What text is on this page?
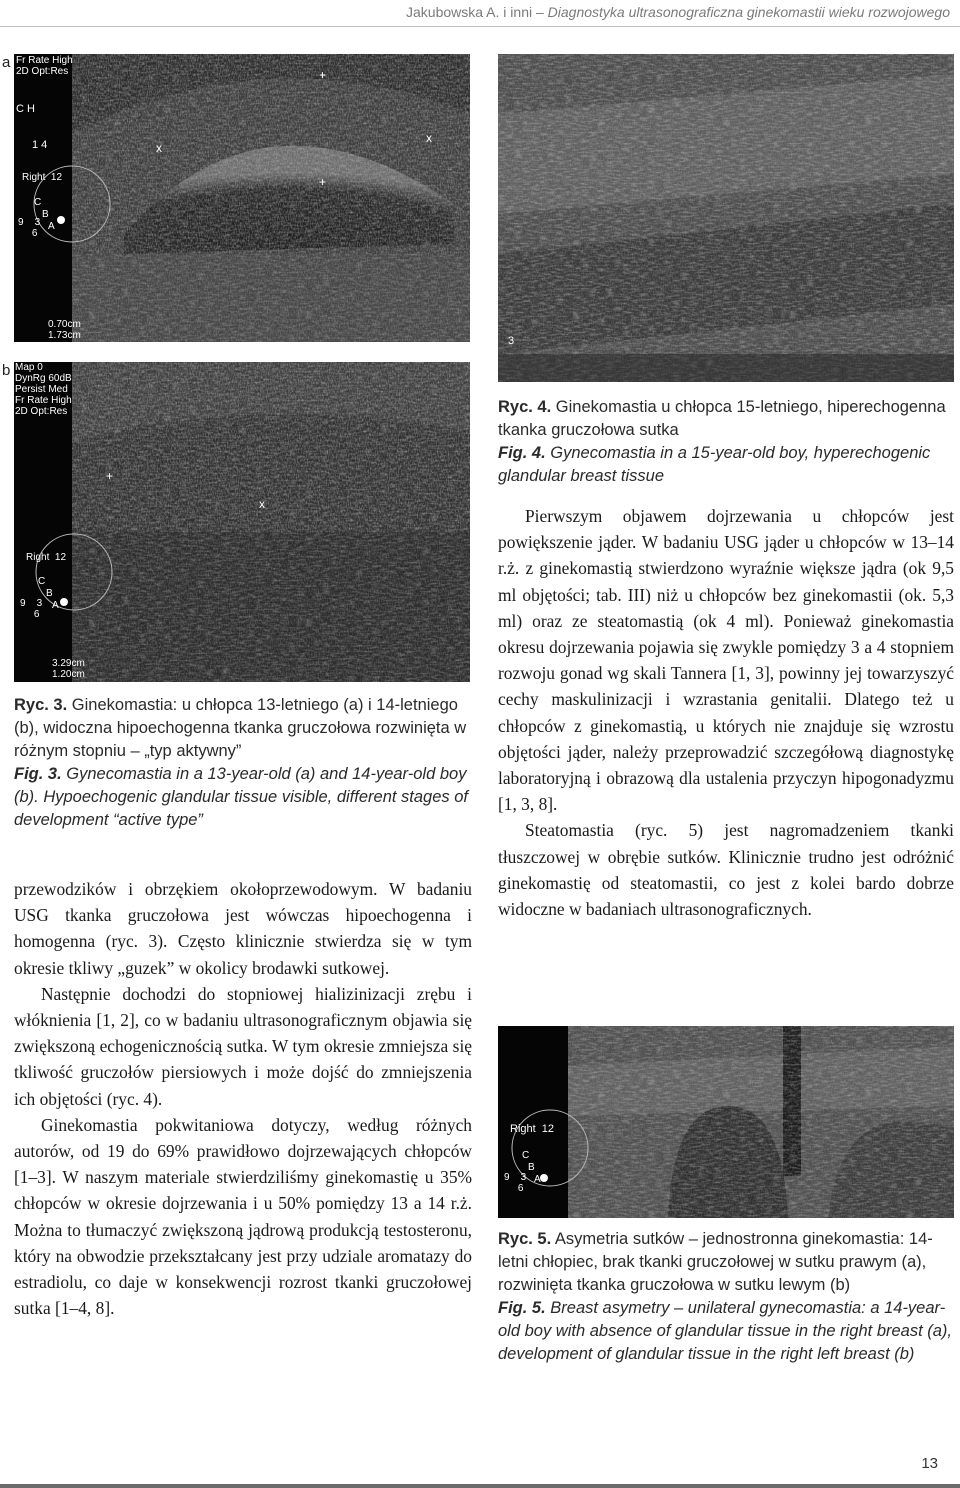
Jakubowska A. i inni – Diagnostyka ultrasonograficzna ginekomastii wieku rozwojowego
a
+
x
x
+
Fr Rate High
2D Opt:Res
C H
1 4
Right  12
C
B
A
9    3
6
0.70cm
1.73cm
b
+
x
Map 0
DynRg 60dB
Persist Med
Fr Rate High
2D Opt:Res
Right  12
C
B
A
9    3
6
3.29cm
1.20cm

Ryc. 3. Ginekomastia: u chłopca 13-letniego (a) i 14-letniego (b), widoczna hipoechogenna tkanka gruczołowa rozwinięta w różnym stopniu – „typ aktywny”

Fig. 3. Gynecomastia in a 13-year-old (a) and 14-year-old boy (b). Hypoechogenic glandular tissue visible, different stages of development “active type”

przewodzików i obrzękiem okołoprzewodowym. W badaniu USG tkanka gruczołowa jest wówczas hipoechogenna i homogenna (ryc. 3). Często klinicznie stwierdza się w tym okresie tkliwy „guzek” w okolicy brodawki sutkowej.

Następnie dochodzi do stopniowej hializinizacji zrębu i włóknienia [1, 2], co w badaniu ultrasonograficznym objawia się zwiększoną echogenicznością sutka. W tym okresie zmniejsza się tkliwość gruczołów piersiowych i może dojść do zmniejszenia ich objętości (ryc. 4).

Ginekomastia pokwitaniowa dotyczy, według różnych autorów, od 19 do 69% prawidłowo dojrzewających chłopców [1–3]. W naszym materiale stwierdziliśmy ginekomastię u 35% chłopców w okresie dojrzewania i u 50% pomiędzy 13 a 14 r.ż. Można to tłumaczyć zwiększoną jądrową produkcją testosteronu, który na obwodzie przekształcany jest przy udziale aromatazy do estradiolu, co daje w konsekwencji rozrost tkanki gruczołowej sutka [1–4, 8].

3

Ryc. 4. Ginekomastia u chłopca 15-letniego, hiperechogenna tkanka gruczołowa sutka

Fig. 4. Gynecomastia in a 15-year-old boy, hyperechogenic glandular breast tissue

Pierwszym objawem dojrzewania u chłopców jest powiększenie jąder. W badaniu USG jąder u chłopców w 13–14 r.ż. z ginekomastią stwierdzono wyraźnie większe jądra (ok 9,5 ml objętości; tab. III) niż u chłopców bez ginekomastii (ok. 5,3 ml) oraz ze steatomastią (ok 4 ml). Ponieważ ginekomastia okresu dojrzewania pojawia się zwykle pomiędzy 3 a 4 stopniem rozwoju gonad wg skali Tannera [1, 3], powinny jej towarzyszyć cechy maskulinizacji i wzrastania genitalii. Dlatego też u chłopców z ginekomastią, u których nie znajduje się wzrostu objętości jąder, należy przeprowadzić szczegółową diagnostykę laboratoryjną i obrazową dla ustalenia przyczyn hipogonadyzmu [1, 3, 8].

Steatomastia (ryc. 5) jest nagromadzeniem tkanki tłuszczowej w obrębie sutków. Klinicznie trudno jest odróżnić ginekomastię od steatomastii, co jest z kolei bardo dobrze widoczne w badaniach ultrasonograficznych.

Right  12
C
B
A
9    3
6

Ryc. 5. Asymetria sutków – jednostronna ginekomastia: 14-letni chłopiec, brak tkanki gruczołowej w sutku prawym (a), rozwinięta tkanka gruczołowa w sutku lewym (b)

Fig. 5. Breast asymetry – unilateral gynecomastia: a 14-year-old boy with absence of glandular tissue in the right breast (a), development of glandular tissue in the right left breast (b)

13
